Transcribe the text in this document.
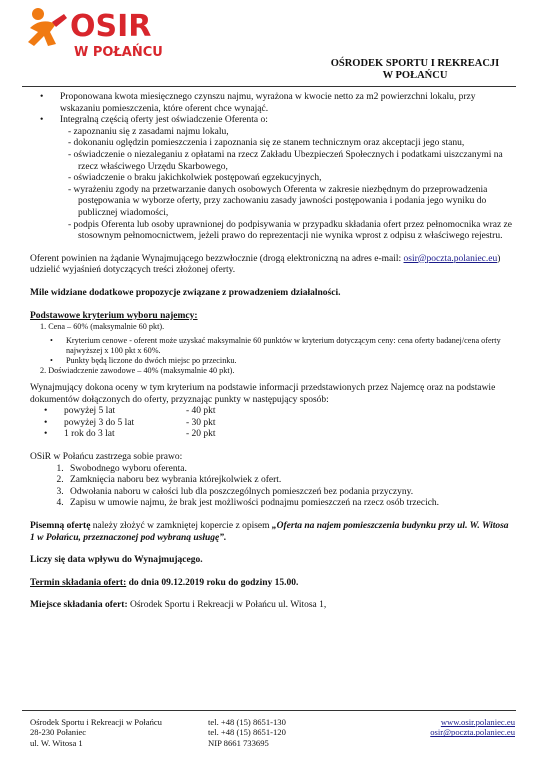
OSIR
W POŁAŃCU
OŚRODEK SPORTU I REKREACJI
W POŁAŃCU
• Proponowana kwota miesięcznego czynszu najmu, wyrażona w kwocie netto za m2 powierzchni lokalu, przy wskazaniu pomieszczenia, które oferent chce wynająć.
• Integralną częścią oferty jest oświadczenie Oferenta o:
- zapoznaniu się z zasadami najmu lokalu,
- dokonaniu oględzin pomieszczenia i zapoznania się ze stanem technicznym oraz akceptacji jego stanu,
- oświadczenie o niezaleganiu z opłatami na rzecz Zakładu Ubezpieczeń Społecznych i podatkami uiszczanymi na rzecz właściwego Urzędu Skarbowego,
- oświadczenie o braku jakichkolwiek postępowań egzekucyjnych,
- wyrażeniu zgody na przetwarzanie danych osobowych Oferenta w zakresie niezbędnym do przeprowadzenia postępowania w wyborze oferty, przy zachowaniu zasady jawności postępowania i podania jego wyniku do publicznej wiadomości,
- podpis Oferenta lub osoby uprawnionej do podpisywania w przypadku składania ofert przez pełnomocnika wraz ze stosownym pełnomocnictwem, jeżeli prawo do reprezentacji nie wynika wprost z odpisu z właściwego rejestru.

Oferent powinien na żądanie Wynajmującego bezzwłocznie (drogą elektroniczną na adres e-mail: osir@poczta.polaniec.eu) udzielić wyjaśnień dotyczących treści złożonej oferty.

Mile widziane dodatkowe propozycje związane z prowadzeniem działalności.

Podstawowe kryterium wyboru najemcy:

1. Cena – 60% (maksymalnie 60 pkt).
• Kryterium cenowe - oferent może uzyskać maksymalnie 60 punktów w kryterium dotyczącym ceny: cena oferty badanej/cena oferty najwyższej x 100 pkt x 60%.
• Punkty będą liczone do dwóch miejsc po przecinku.
2. Doświadczenie zawodowe – 40% (maksymalnie 40 pkt).

Wynajmujący dokona oceny w tym kryterium na podstawie informacji przedstawionych przez Najemcę oraz na podstawie dokumentów dołączonych do oferty, przyznając punkty w następujący sposób:

•	powyżej 5 lat	- 40 pkt
•	powyżej 3 do 5 lat	- 30 pkt
•	1 rok do 3 lat	- 20 pkt

OSiR w Połańcu zastrzega sobie prawo:

1. Swobodnego wyboru oferenta.
2. Zamknięcia naboru bez wybrania którejkolwiek z ofert.
3. Odwołania naboru w całości lub dla poszczególnych pomieszczeń bez podania przyczyny.
4. Zapisu w umowie najmu, że brak jest możliwości podnajmu pomieszczeń na rzecz osób trzecich.

Pisemną ofertę należy złożyć w zamkniętej kopercie z opisem „Oferta na najem pomieszczenia budynku przy ul. W. Witosa 1 w Połańcu, przeznaczonej pod wybraną usługę”.

Liczy się data wpływu do Wynajmującego.

Termin składania ofert: do dnia 09.12.2019 roku do godziny 15.00.

Miejsce składania ofert: Ośrodek Sportu i Rekreacji w Połańcu ul. Witosa 1,

Ośrodek Sportu i Rekreacji w Połańcu
28-230 Połaniec
ul. W. Witosa 1
tel. +48 (15) 8651-130
tel. +48 (15) 8651-120
NIP 8661 733695
www.osir.polaniec.eu
osir@poczta.polaniec.eu
